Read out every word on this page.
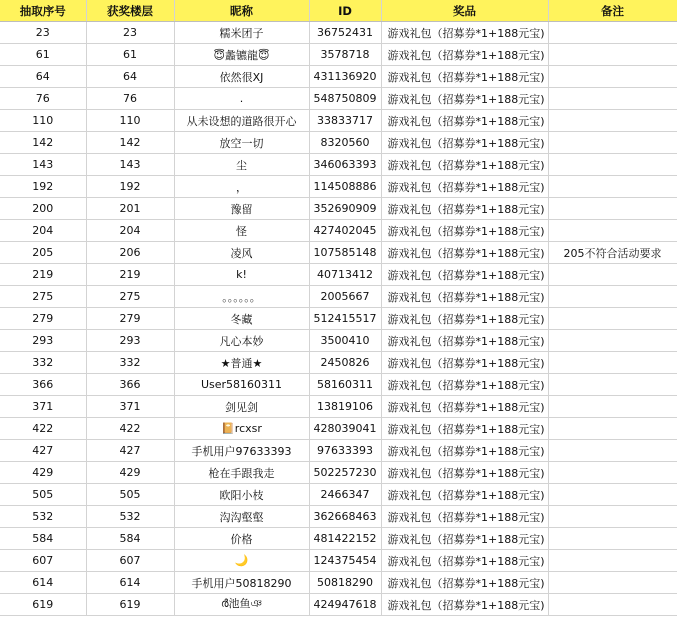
抽取序号	获奖楼层	昵称	ID	奖品	备注
23	23	糯米团子	36752431	游戏礼包（招募券*1+188元宝)	
61	61	😇蠡镳龍😇	3578718	游戏礼包（招募券*1+188元宝)	
64	64	依然很XJ	431136920	游戏礼包（招募券*1+188元宝)	
76	76	.	548750809	游戏礼包（招募券*1+188元宝)	
110	110	从未设想的道路很开心	33833717	游戏礼包（招募券*1+188元宝)	
142	142	放空一切	8320560	游戏礼包（招募券*1+188元宝)	
143	143	尘	346063393	游戏礼包（招募券*1+188元宝)	
192	192	，	114508886	游戏礼包（招募券*1+188元宝)	
200	201	豫留	352690909	游戏礼包（招募券*1+188元宝)	
204	204	怪	427402045	游戏礼包（招募券*1+188元宝)	
205	206	凌风	107585148	游戏礼包（招募券*1+188元宝)	205不符合活动要求
219	219	k!	40713412	游戏礼包（招募券*1+188元宝)	
275	275	。。。。。。	2005667	游戏礼包（招募券*1+188元宝)	
279	279	冬藏	512415517	游戏礼包（招募券*1+188元宝)	
293	293	凡心本妙	3500410	游戏礼包（招募券*1+188元宝)	
332	332	★普通★	2450826	游戏礼包（招募券*1+188元宝)	
366	366	User58160311	58160311	游戏礼包（招募券*1+188元宝)	
371	371	剑见剑	13819106	游戏礼包（招募券*1+188元宝)	
422	422	📔rcxsr	428039041	游戏礼包（招募券*1+188元宝)	
427	427	手机用户97633393	97633393	游戏礼包（招募券*1+188元宝)	
429	429	枪在手跟我走	502257230	游戏礼包（招募券*1+188元宝)	
505	505	欧阳小枝	2466347	游戏礼包（招募券*1+188元宝)	
532	532	沟沟壑壑	362668463	游戏礼包（招募券*1+188元宝)	
584	584	价格	481422152	游戏礼包（招募券*1+188元宝)	
607	607	🌙	124375454	游戏礼包（招募券*1+188元宝)	
614	614	手机用户50818290	50818290	游戏礼包（招募券*1+188元宝)	
619	619	ര്‍池鱼ঞ	424947618	游戏礼包（招募券*1+188元宝)	
